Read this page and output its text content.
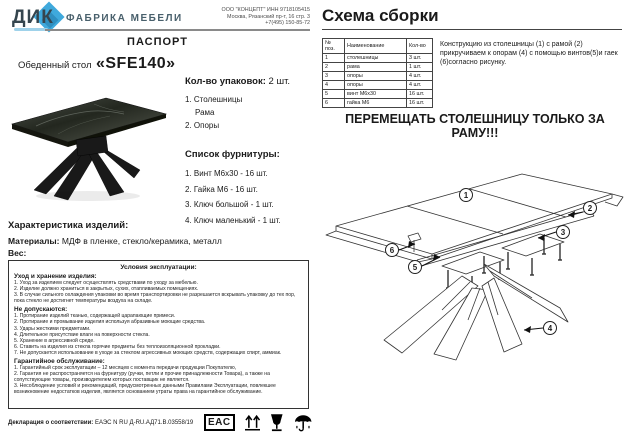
ДИК ФАБРИКА МЕБЕЛИ
ООО "КОНЦЕПТ" ИНН 9718105415
Москва, Рязанский пр-т, 16 стр. 3
+7(495) 150-85-72
ПАСПОРТ
Обеденный стол «SFE140»
Кол-во упаковок: 2 шт.
1. Столешницы
Рама
2. Опоры
Список фурнитуры:
1. Винт М6х30 - 16 шт.
2. Гайка М6 - 16 шт.
3. Ключ большой - 1 шт.
4. Ключ маленький - 1 шт.
Характеристика изделий:
Материалы: МДФ в пленке, стекло/керамика, металл
Вес:
Условия эксплуатации:
Уход и хранение изделия:
1. Уход за изделием следует осуществлять средствами по уходу за мебелью.
2. Изделие должно храниться в закрытых, сухих, отапливаемых помещениях.
3. В случае сильного охлаждения упаковки во время транспортировки не разрешается вскрывать упаковку до тех пор, пока стекло не достигнет температуры воздуха на складе.
Не допускаются:
1. Протирание изделий тканью, содержащей царапающие примеси.
2. Протирание и промывание изделия используя абразивные моющие средства.
3. Удары жесткими предметами.
4. Длительное присутствие влаги на поверхности стекла.
5. Хранение в агрессивной среде.
6. Ставить на изделия из стекла горячие предметы без теплоизоляционной прокладки.
7. Не допускается использование в уходе за стеклом агрессивных моющих средств, содержащих спирт, аммиак.
Гарантийное обслуживание:
1. Гарантийный срок эксплуатации – 12 месяцев с момента передачи продукции Покупателю,
2. Гарантия не распространяется на фурнитуру (ручки, петли и прочие принадлежности Товара), а также на сопутствующие товары, производителем которых поставщик не является.
3. Несоблюдение условий и рекомендаций, предусмотренных данными Правилами Эксплуатации, повлекшее возникновение недостатков изделия, является основанием утраты права на гарантийное обслуживание.
Декларация о соответствии: ЕАЭС N RU Д-RU.АД71.В.03558/19	EAC
Схема сборки
№ поз.	Наименование	Кол-во
1	столешницы	3 шт.
2	рама	1 шт.
3	опоры	4 шт.
4	опоры	4 шт.
5	винт М6х30	16 шт.
6	гайка М6	16 шт.
Конструкцию из столешницы (1) с рамой (2) прикручиваем к опорам (4) с помощью винтов(5)и гаек (6)согласно рисунку.
ПЕРЕМЕЩАТЬ СТОЛЕШНИЦУ ТОЛЬКО ЗА РАМУ!!!
1
2
3
4
5
6
